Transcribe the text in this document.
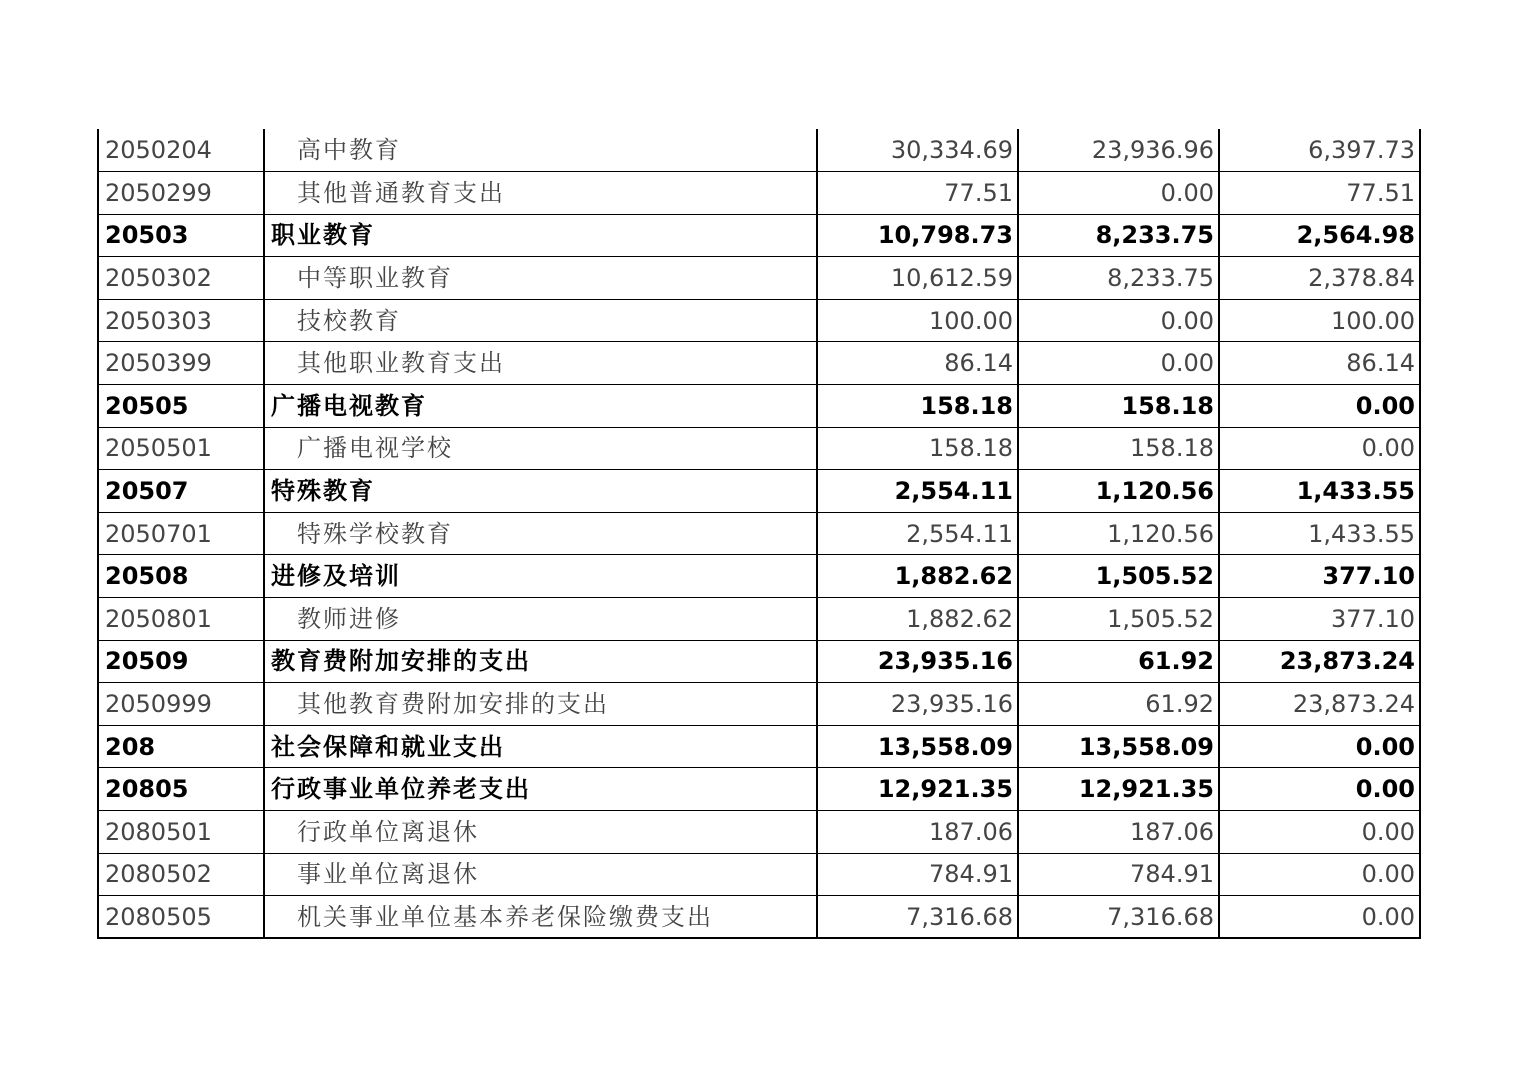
2050204	高中教育	30,334.69	23,936.96	6,397.73
2050299	其他普通教育支出	77.51	0.00	77.51
20503	职业教育	10,798.73	8,233.75	2,564.98
2050302	中等职业教育	10,612.59	8,233.75	2,378.84
2050303	技校教育	100.00	0.00	100.00
2050399	其他职业教育支出	86.14	0.00	86.14
20505	广播电视教育	158.18	158.18	0.00
2050501	广播电视学校	158.18	158.18	0.00
20507	特殊教育	2,554.11	1,120.56	1,433.55
2050701	特殊学校教育	2,554.11	1,120.56	1,433.55
20508	进修及培训	1,882.62	1,505.52	377.10
2050801	教师进修	1,882.62	1,505.52	377.10
20509	教育费附加安排的支出	23,935.16	61.92	23,873.24
2050999	其他教育费附加安排的支出	23,935.16	61.92	23,873.24
208	社会保障和就业支出	13,558.09	13,558.09	0.00
20805	行政事业单位养老支出	12,921.35	12,921.35	0.00
2080501	行政单位离退休	187.06	187.06	0.00
2080502	事业单位离退休	784.91	784.91	0.00
2080505	机关事业单位基本养老保险缴费支出	7,316.68	7,316.68	0.00
